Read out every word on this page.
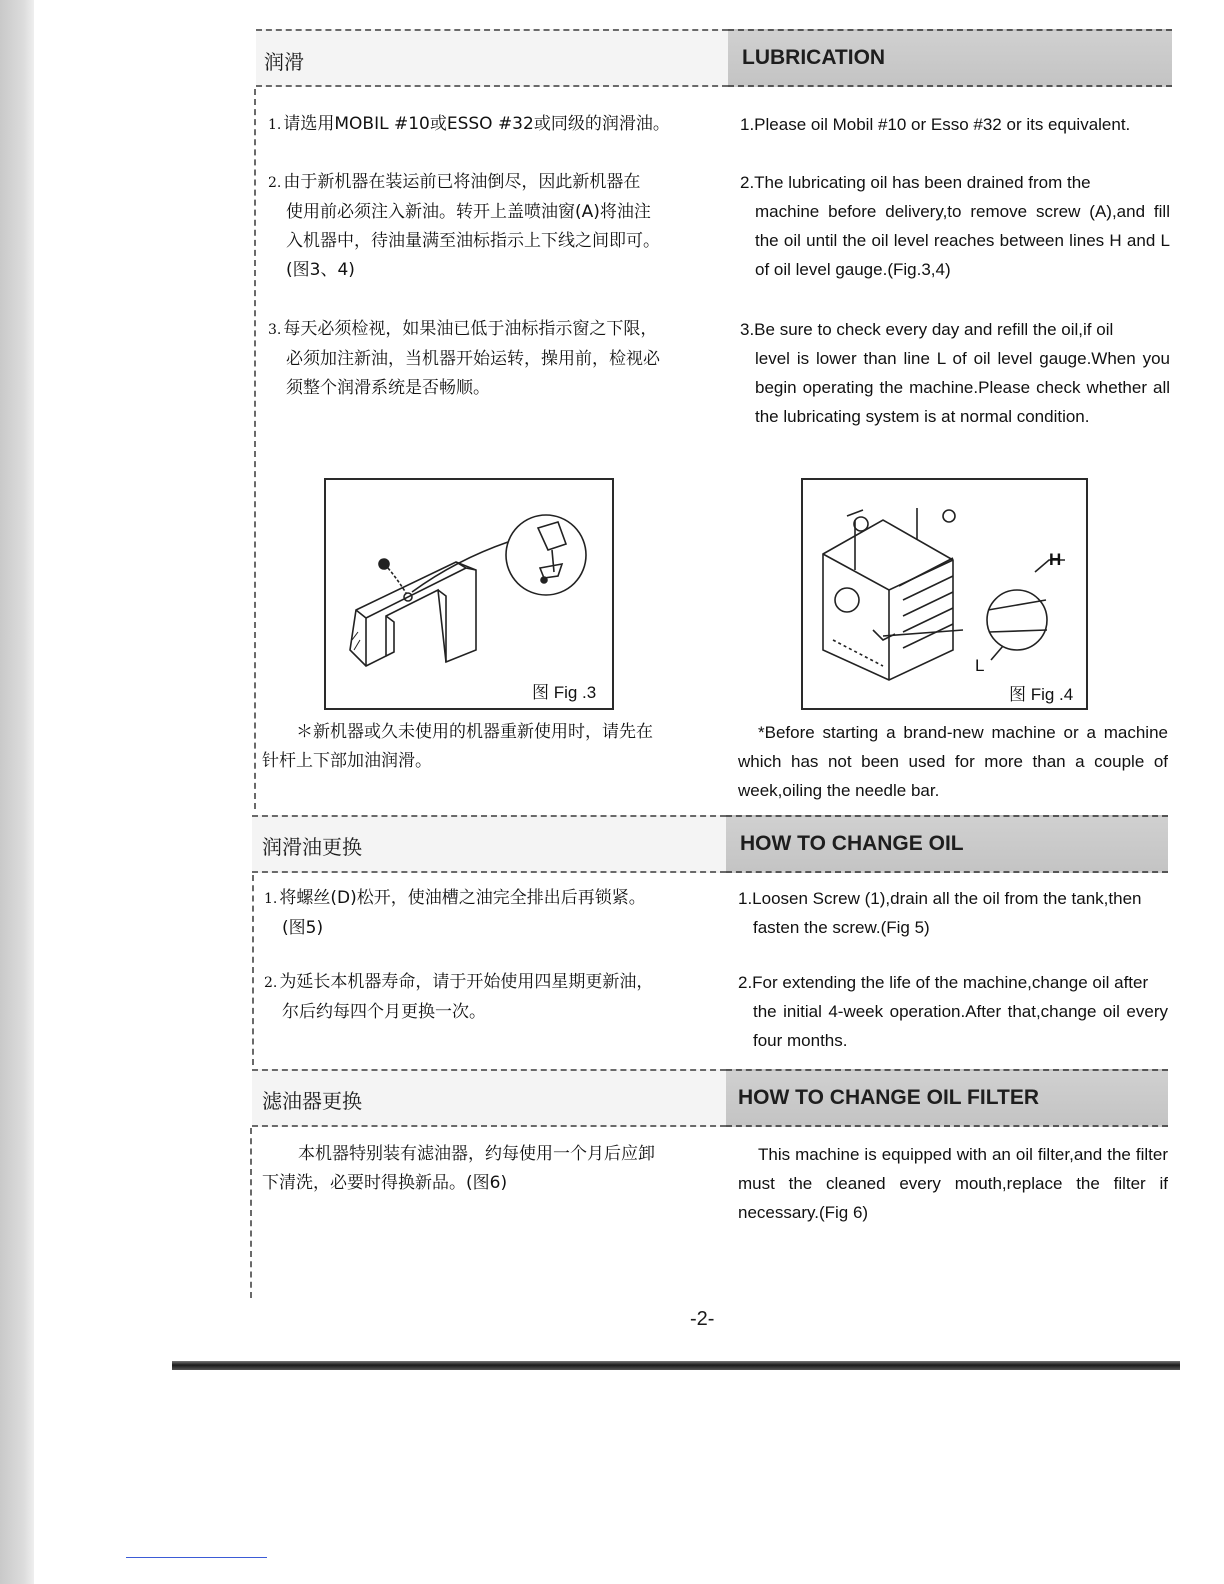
润滑	LUBRICATION
1. 请选用MOBIL #10或ESSO #32或同级的润滑油。
2. 由于新机器在装运前已将油倒尽，因此新机器在
使用前必须注入新油。转开上盖喷油窗(A)将油注
入机器中，待油量满至油标指示上下线之间即可。
(图3、4)
3. 每天必须检视，如果油已低于油标指示窗之下限，
必须加注新油，当机器开始运转，操用前，检视必
须整个润滑系统是否畅顺。
1.Please oil Mobil #10 or Esso #32 or its equivalent.
2.The lubricating oil has been drained from the
machine before delivery,to remove screw (A),and fill the oil until the oil level reaches between lines H and L of oil level gauge.(Fig.3,4)
3.Be sure to check every day and refill the oil,if oil
level is lower than line L of oil level gauge.When you begin operating the machine.Please check whether all the lubricating system is at normal condition.
图 Fig .3
H
L
图 Fig .4
＊新机器或久未使用的机器重新使用时，请先在
针杆上下部加油润滑。
*Before starting a brand-new machine or a machine which has not been used for more than a couple of week,oiling the needle bar.
润滑油更换	HOW TO CHANGE OIL
1. 将螺丝(D)松开，使油槽之油完全排出后再锁紧。
(图5)
2. 为延长本机器寿命，请于开始使用四星期更新油，
尔后约每四个月更换一次。
1.Loosen Screw (1),drain all the oil from the tank,then
fasten the screw.(Fig 5)
2.For extending the life of the machine,change oil after
the initial 4-week operation.After that,change oil every four months.
滤油器更换	HOW TO CHANGE OIL FILTER
本机器特别装有滤油器，约每使用一个月后应卸
下清洗，必要时得换新品。(图6)
This machine is equipped with an oil filter,and the filter must the cleaned every mouth,replace the filter if necessary.(Fig 6)
-2-
